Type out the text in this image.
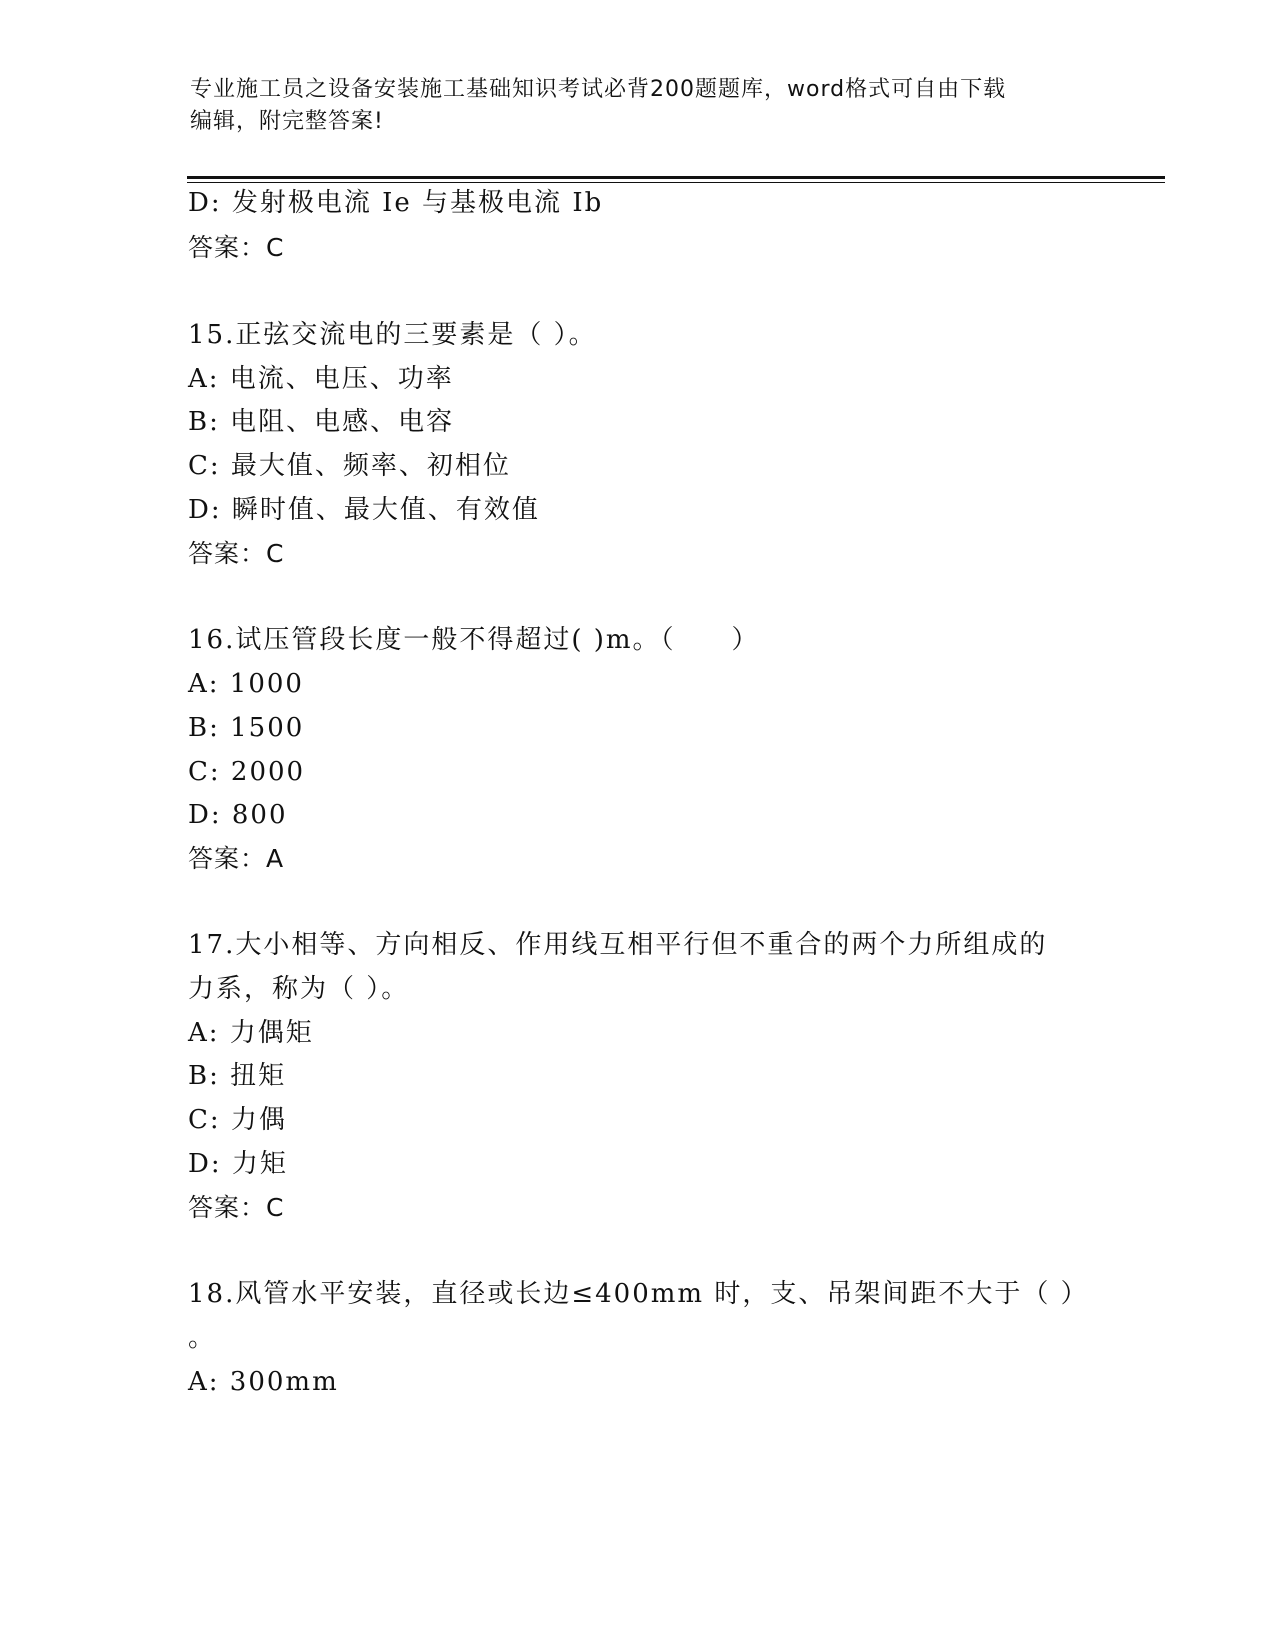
专业施工员之设备安装施工基础知识考试必背200题题库，word格式可自由下载
编辑，附完整答案!
D: 发射极电流 Ie 与基极电流 Ib
答案：C
15.正弦交流电的三要素是（ ）。
A: 电流、电压、功率
B: 电阻、电感、电容
C: 最大值、频率、初相位
D: 瞬时值、最大值、有效值
答案：C
16.试压管段长度一般不得超过( )m。（　　）
A: 1000
B: 1500
C: 2000
D: 800
答案：A
17.大小相等、方向相反、作用线互相平行但不重合的两个力所组成的
力系，称为（ ）。
A: 力偶矩
B: 扭矩
C: 力偶
D: 力矩
答案：C
18.风管水平安装，直径或长边≤400mm 时，支、吊架间距不大于（ ）
。
A: 300mm
